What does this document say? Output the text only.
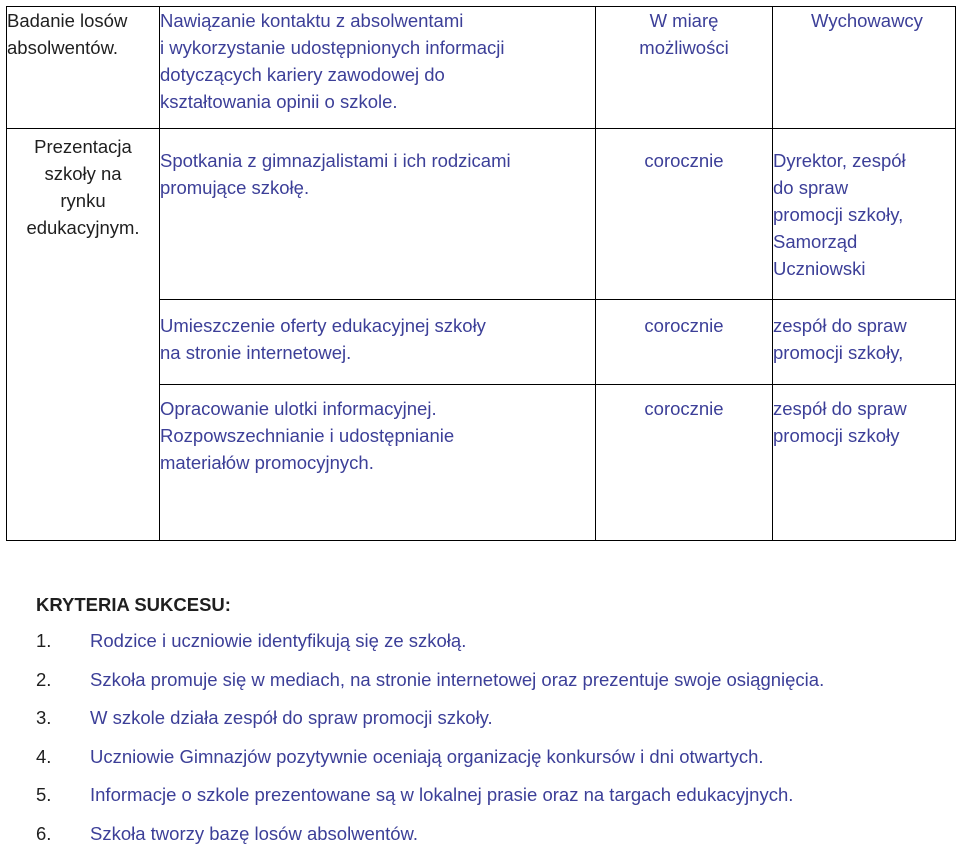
Badanie losów
absolwentów.	Nawiązanie kontaktu z absolwentami
i wykorzystanie udostępnionych informacji
dotyczących kariery zawodowej do
kształtowania opinii o szkole.	W miarę
możliwości	Wychowawcy

Prezentacja
szkoły na
rynku
edukacyjnym.	Spotkania z gimnazjalistami i ich rodzicami
promujące szkołę.	corocznie	Dyrektor, zespół
do spraw
promocji szkoły,
Samorząd
Uczniowski

	Umieszczenie oferty edukacyjnej szkoły
na stronie internetowej.	corocznie	zespół do spraw
promocji szkoły,

	Opracowanie ulotki informacyjnej.
Rozpowszechnianie i udostępnianie
materiałów promocyjnych.	corocznie	zespół do spraw
promocji szkoły
KRYTERIA SUKCESU:
1. Rodzice i uczniowie identyfikują się ze szkołą.
2. Szkoła promuje się w mediach, na stronie internetowej oraz prezentuje swoje osiągnięcia.
3. W szkole działa zespół do spraw promocji szkoły.
4. Uczniowie Gimnazjów pozytywnie oceniają organizację konkursów i dni otwartych.
5. Informacje o szkole prezentowane są w lokalnej prasie oraz na targach edukacyjnych.
6. Szkoła tworzy bazę losów absolwentów.
